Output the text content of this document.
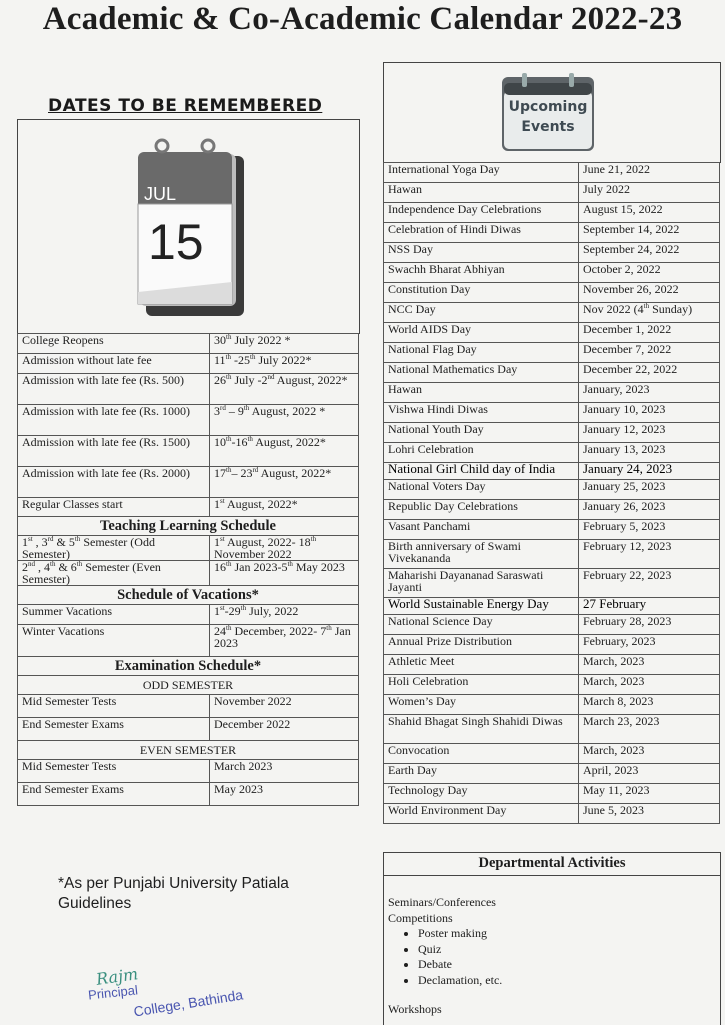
Academic & Co-Academic Calendar 2022-23
DATES TO BE REMEMBERED
JUL
15
College Reopens	30th July 2022 *
Admission without late fee	11th -25th July 2022*
Admission with late fee (Rs. 500)	26th July -2nd August, 2022*
Admission with late fee (Rs. 1000)	3rd – 9th August, 2022 *
Admission with late fee (Rs. 1500)	10th-16th August, 2022*
Admission with late fee (Rs. 2000)	17th– 23rd August, 2022*
Regular Classes start	1st August, 2022*
Teaching Learning Schedule	
1st , 3rd & 5th Semester (Odd Semester)	1st August, 2022- 18th November 2022
2nd , 4th & 6th Semester (Even Semester)	16th Jan 2023-5th May 2023
Schedule of Vacations*	
Summer Vacations	1st-29th July, 2022
Winter Vacations	24th December, 2022- 7th Jan 2023
Examination Schedule*	
ODD SEMESTER	
Mid Semester Tests	November 2022
End Semester Exams	December 2022
EVEN SEMESTER	
Mid Semester Tests	March 2023
End Semester Exams	May 2023
*As per Punjabi University Patiala Guidelines
Rajm
Principal
College, Bathinda
Upcoming
Events
International Yoga Day	June 21, 2022
Hawan	July 2022
Independence Day Celebrations	August 15, 2022
Celebration of Hindi Diwas	September 14, 2022
NSS Day	September 24, 2022
Swachh Bharat Abhiyan	October 2, 2022
Constitution Day	November 26, 2022
NCC Day	Nov 2022 (4th Sunday)
World AIDS Day	December 1, 2022
National Flag Day	December 7, 2022
National Mathematics Day	December 22, 2022
Hawan	January, 2023
Vishwa Hindi Diwas	January 10, 2023
National Youth Day	January 12, 2023
Lohri Celebration	January 13, 2023
National Girl Child day of India	January 24, 2023
National Voters Day	January 25, 2023
Republic Day Celebrations	January 26, 2023
Vasant Panchami	February 5, 2023
Birth anniversary of Swami Vivekananda	February 12, 2023
Maharishi Dayananad Saraswati Jayanti	February 22, 2023
World Sustainable Energy Day	27 February
National Science Day	February 28, 2023
Annual Prize Distribution	February, 2023
Athletic Meet	March, 2023
Holi Celebration	March, 2023
Women’s Day	March 8, 2023
Shahid Bhagat Singh Shahidi Diwas	March 23, 2023
Convocation	March, 2023
Earth Day	April, 2023
Technology Day	May 11, 2023
World Environment Day	June 5, 2023
Departmental Activities
Seminars/Conferences
Competitions
• Poster making
• Quiz
• Debate
• Declamation, etc.
Workshops
